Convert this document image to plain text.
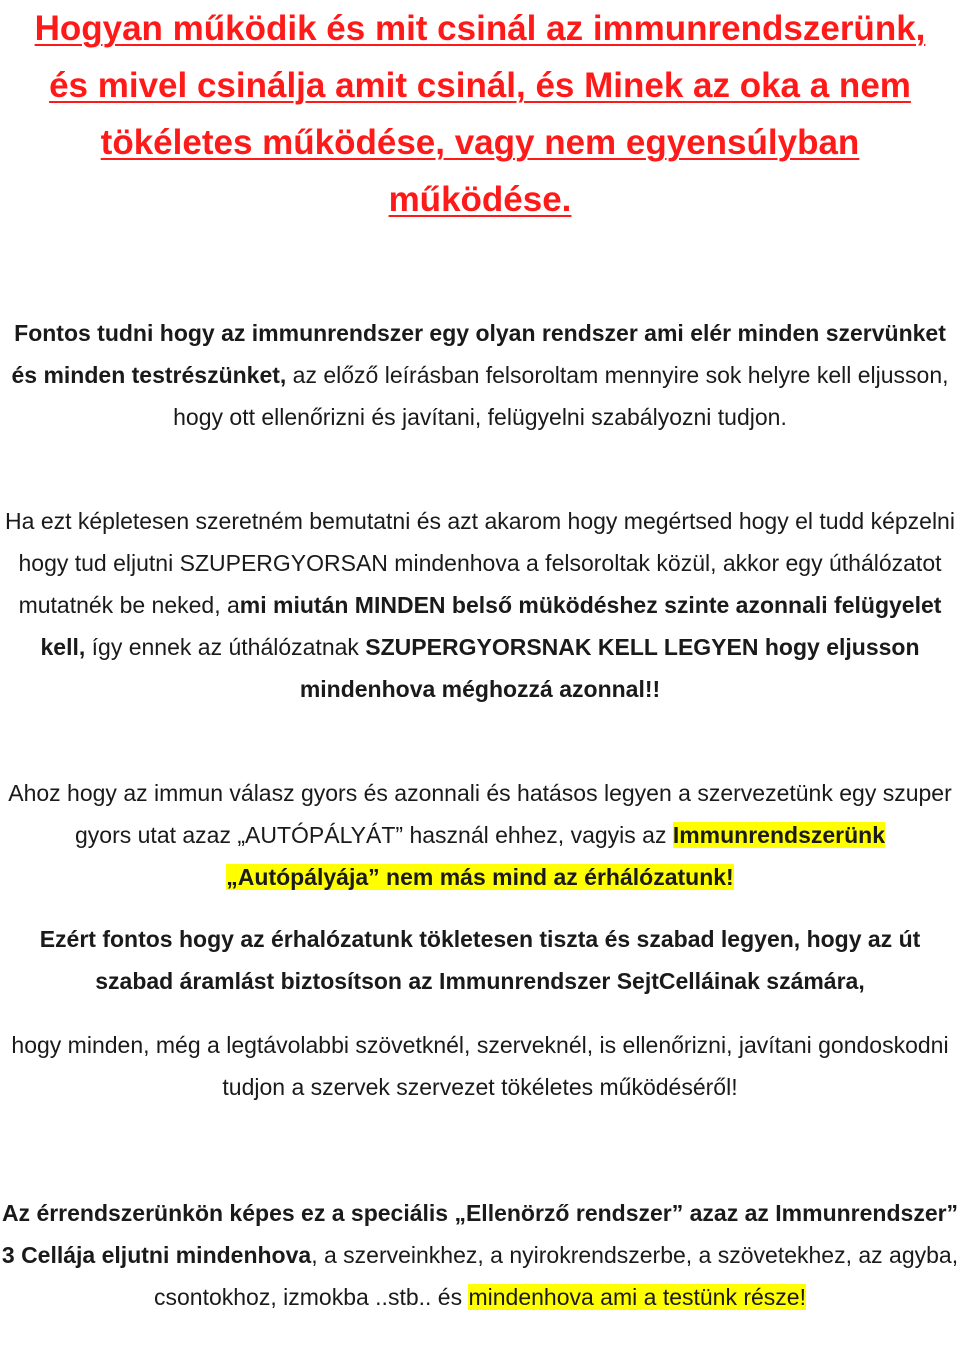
Hogyan működik és mit csinál az immunrendszerünk, és mivel csinálja amit csinál, és Minek az oka a nem tökéletes működése, vagy nem egyensúlyban működése.

Fontos tudni hogy az immunrendszer egy olyan rendszer ami elér minden szervünket és minden testrészünket, az előző leírásban felsoroltam mennyire sok helyre kell eljusson, hogy ott ellenőrizni és javítani, felügyelni szabályozni tudjon.

Ha ezt képletesen szeretném bemutatni és azt akarom hogy megértsed hogy el tudd képzelni hogy tud eljutni SZUPERGYORSAN mindenhova a felsoroltak közül, akkor egy úthálózatot mutatnék be neked, ami miután MINDEN belső müködéshez szinte azonnali felügyelet kell, így ennek az úthálózatnak SZUPERGYORSNAK KELL LEGYEN hogy eljusson mindenhova méghozzá azonnal!!

Ahoz hogy az immun válasz gyors és azonnali és hatásos legyen a szervezetünk egy szuper gyors utat azaz „AUTÓPÁLYÁT” használ ehhez, vagyis az Immunrendszerünk „Autópályája” nem más mind az érhálózatunk!

Ezért fontos hogy az érhalózatunk tökletesen tiszta és szabad legyen, hogy az út szabad áramlást biztosítson az Immunrendszer SejtCelláinak számára,

hogy minden, még a legtávolabbi szövetknél, szerveknél, is ellenőrizni, javítani gondoskodni tudjon a szervek szervezet tökéletes működéséről!

Az érrendszerünkön képes ez a speciális „Ellenörző rendszer” azaz az Immunrendszer” 3 Cellája eljutni mindenhova, a szerveinkhez, a nyirokrendszerbe, a szövetekhez, az agyba, csontokhoz, izmokba ..stb.. és mindenhova ami a testünk része!
